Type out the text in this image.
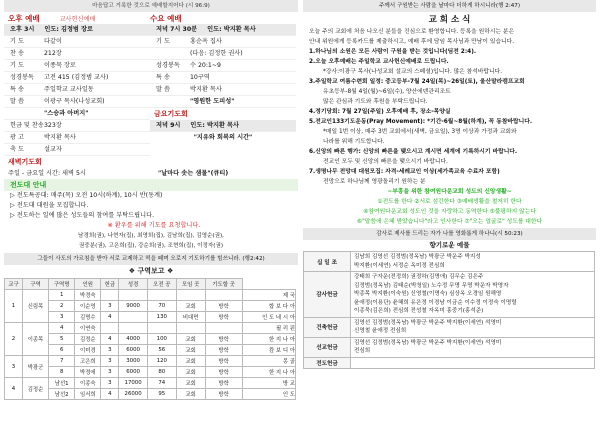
마음답고 거룩한 것으로 예배할지어다 (시 96:9)
오후 예배	교사헌신예배	수요 예배
오후 3시	인도: 김정범 장로
기 도	다같이
찬 송	212장
기 도	이종묵 장로
성경봉독	고전 415 (김정범 교사)
특 송	주일학교 교사일동
말 씀	이광구 목사(나성교회)
"스승과 아버지"
헌금 및 찬송 323장
광 고	박지환 목사
축 도	설교자
저녁 7시 30분	인도: 박지환 목사
기 도	홍순옥 집사
(다음: 김정한 권사)
성경봉독	수 20:1~9
특 송	10구역
말 씀	박지환 목사
"영원한 도피성"
금요기도회
저녁 9시	인도: 박지환 목사
"지유와 회복의 시간"
새벽기도회
주일 - 금요일 시간: 새벽 5시	"날마다 솟는 샘물"(큐티)
전도대 안내
▷ 전도특공대: 매주(목) 오전 10시(하계), 10시 반(동계)
▷ 전도대 대원을 모집합니다.
▷ 전도하는 일에 많은 성도들의 참여를 부탁드립니다.
※ 환우를 위해 기도를 요청합니다.
남경희(권), 나현자(집), 최영희(집), 김남희(집), 김영순(권),
권중분(권), 고은희(집), 강순희(권), 조현희(집), 이정자(권)
그들이 사도의 가르침을 받아 서로 교제하고 떡을 떼며 오로지 기도하기를 힘쓰니라. (행2:42)
❖ 구역보고 ❖
교구	구역	구역명	인원	헌금	성경	오전 공	모임 곳	기도할 곳	
1	신림목	1	박경숙						제 국
		2	이순영	3	9000	70	교회	방학	합 보 다 아
		3	김명수	4		130	비대면	방학	인 도 네 시 아
2	이종목	4	이연숙						필 리 핀
		5	김정순	4	4000	100	교회	방학	한 지 나 아
		6	이미경	3	6000	56	교회	방학	캄 보 디 아
3	박광군	7	고은희	3	3000	120	교회	방학	몽 골
		8	박정애	3	6000	80	교회	방학	한 지 나 아
4	김정순	남선1	이종숙	3	17000	74	교회	방학	방 교
		남선2	임서희	4	26000	95	교회	방학	인 도
주께서 구원받는 사람을 날마다 더하게 하시니라(행 2:47)
교 회 소 식
오늘 주의 교회에 처음 나오신 분들을 진심으로 환영합니다. 등록을 원하시는 분은
안내 위원에게 등록카드를 제출하시고, 예배 후에 담임 목사님과 만남이 있습니다.
1.하나님의 소원은 모든 사람이 구원을 받는 것입니다(딤전 2:4).
2.오늘 오후예배는 주일학교 교사헌신예배로 드립니다.
*강사:이광구 목사(나성교회 설교의 스페셜)입니다. 많은 참석바랍니다.
3.주일학교 여름수련회 일정: 중고등부-7월 24일(목)~26일(토), 울산말라캠프교회
유초등부-8월 4일(월)~6일(수), 양산에덴관리조트
많은 관심과 기도와 후원을 부탁드립니다.
4.정기당회: 7월 27일(주일) 오후예배 후, 장소-목양실
5.전교인133기도운동(Pray Movement): *기간-6월~8월(하계), 꼭 동참바랍니다.
*매일 1번 이상, 매주 3번 교회에서(새벽, 금요일), 3명 이상과 가정과 교회와
나라를 위해 기도합니다.
6.신앙의 빠른 행가: 신앙의 빠른을 맺으시고 계시면 세계에 기록하시기 바랍니다.
전교인 모두 및 신앙의 빠른을 맺으시기 바랍니다.
7.생명나무 전망대 대원모집: 자격-세례교인 이상(세가족교육 수료자 포함)
전망으로 하나님께 영광돌리기 원하는 분
~부흥을 위한 참여원다운교회 성도의 신앙생활~
①전도를 한다 ②서로 섬긴한다 ③예배생활을 철저히 한다
④참여원다운교회 성도인 것을 자랑하고 동역한다 ⑤불평하지 않는다
⑥"말씀에 은혜 받았습니다"라고 인사한다 ⑦"오는 얼굴로" 성도를 대한다
감사로 제사를 드리는 자가 나를 영화롭게 하나니(시 50:23)
향기로운 예물
십 일 조	김남희 김영선 김정범(정옥남) 박광군 박운주 박지성
박지환(이세연) 서정순 옥미정 전심희

감사헌금	강태희 구자운(전정희) 권정하(김명애) 김무순 김은주
김정범(정옥남) 김태순(박청일) 노수정 무명 무명 박운자 박영자
박종목 박지환(이숙원) 신영철(이명숙) 심상옥 오경임 원해영
윤애정(이용단) 윤혜희 유은정 이경남 이금순 이수정 이정숙 이명렬
이종묵(김은희) 전심희 전성철 자옥미 홍중기(홍석준)

건축헌금	김영선 김정범(정옥남) 박광군 박운주 박지환(이세연) 석영미
신영철 윤애정 전심희

선교헌금	김영선 김정범(정옥남) 박광군 박운주 박지환(이세연) 석영미
전심희

전도헌금	
